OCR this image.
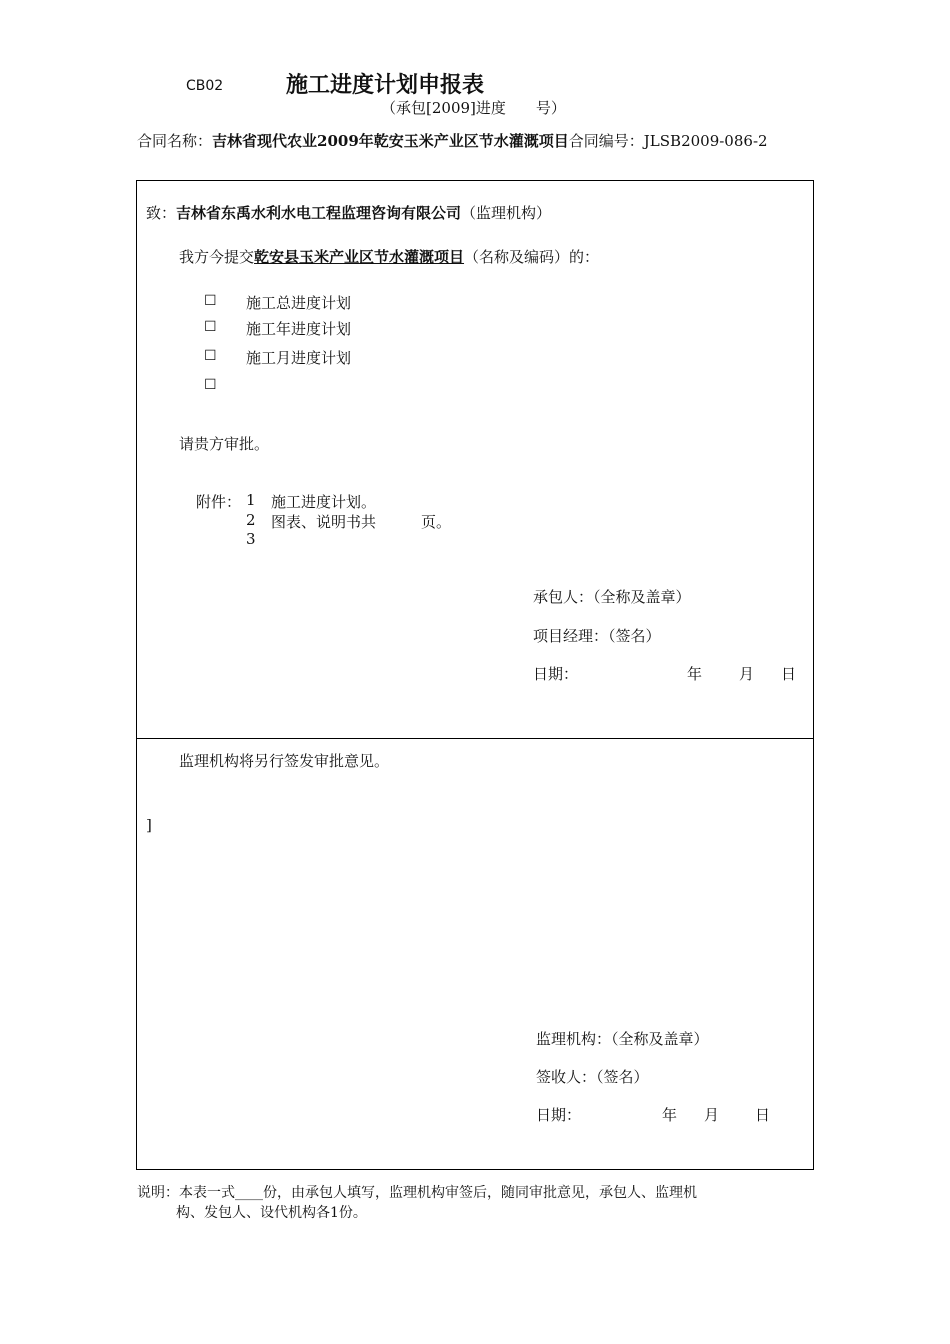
CB02	施工进度计划申报表
（承包[2009]进度　　号）
合同名称：吉林省现代农业2009年乾安玉米产业区节水灌溉项目合同编号：JLSB2009-086-2
致：吉林省东禹水利水电工程监理咨询有限公司（监理机构）
我方今提交乾安县玉米产业区节水灌溉项目（名称及编码）的：
☐ 施工总进度计划
☐ 施工年进度计划
☐ 施工月进度计划
☐
请贵方审批。
附件： 1 施工进度计划。
2 图表、说明书共　　　页。
3
承包人：（全称及盖章）
项目经理：（签名）
日期：	年 月 日
监理机构将另行签发审批意见。
]
监理机构：（全称及盖章）
签收人：（签名）
日期：	年 月 日
说明：本表一式____份，由承包人填写，监理机构审签后，随同审批意见，承包人、监理机
构、发包人、设代机构各1份。
